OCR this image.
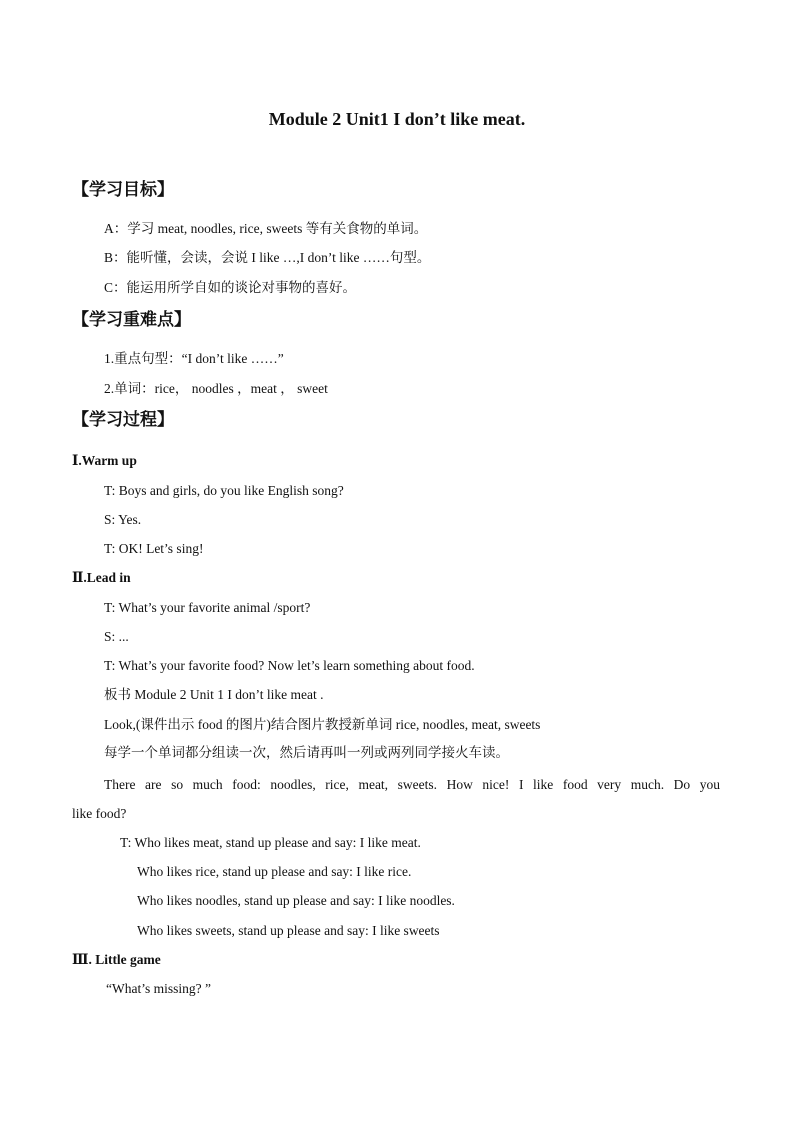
Module 2 Unit1 I don’t like meat.
【学习目标】
A：学习 meat, noodles, rice, sweets 等有关食物的单词。
B：能听懂，会读，会说 I like …,I don’t like ……句型。
C：能运用所学自如的谈论对事物的喜好。
【学习重难点】
1.重点句型：“I don’t like ……”
2.单词：rice， noodles ，meat ， sweet
【学习过程】
Ⅰ.Warm up
T: Boys and girls, do you like English song?
S: Yes.
T: OK! Let’s sing!
Ⅱ.Lead in
T: What’s your favorite animal /sport?
S: ...
T: What’s your favorite food? Now let’s learn something about food.
板书 Module 2 Unit 1 I don’t like meat .
Look,(课件出示 food 的图片)结合图片教授新单词 rice, noodles, meat, sweets
每学一个单词都分组读一次，然后请再叫一列或两列同学接火车读。
There are so much food: noodles, rice, meat, sweets. How nice! I like food very much. Do you
like food?
T: Who likes meat, stand up please and say: I like meat.
Who likes rice, stand up please and say: I like rice.
Who likes noodles, stand up please and say: I like noodles.
Who likes sweets, stand up please and say: I like sweets
Ⅲ. Little game
“What’s missing? ”
